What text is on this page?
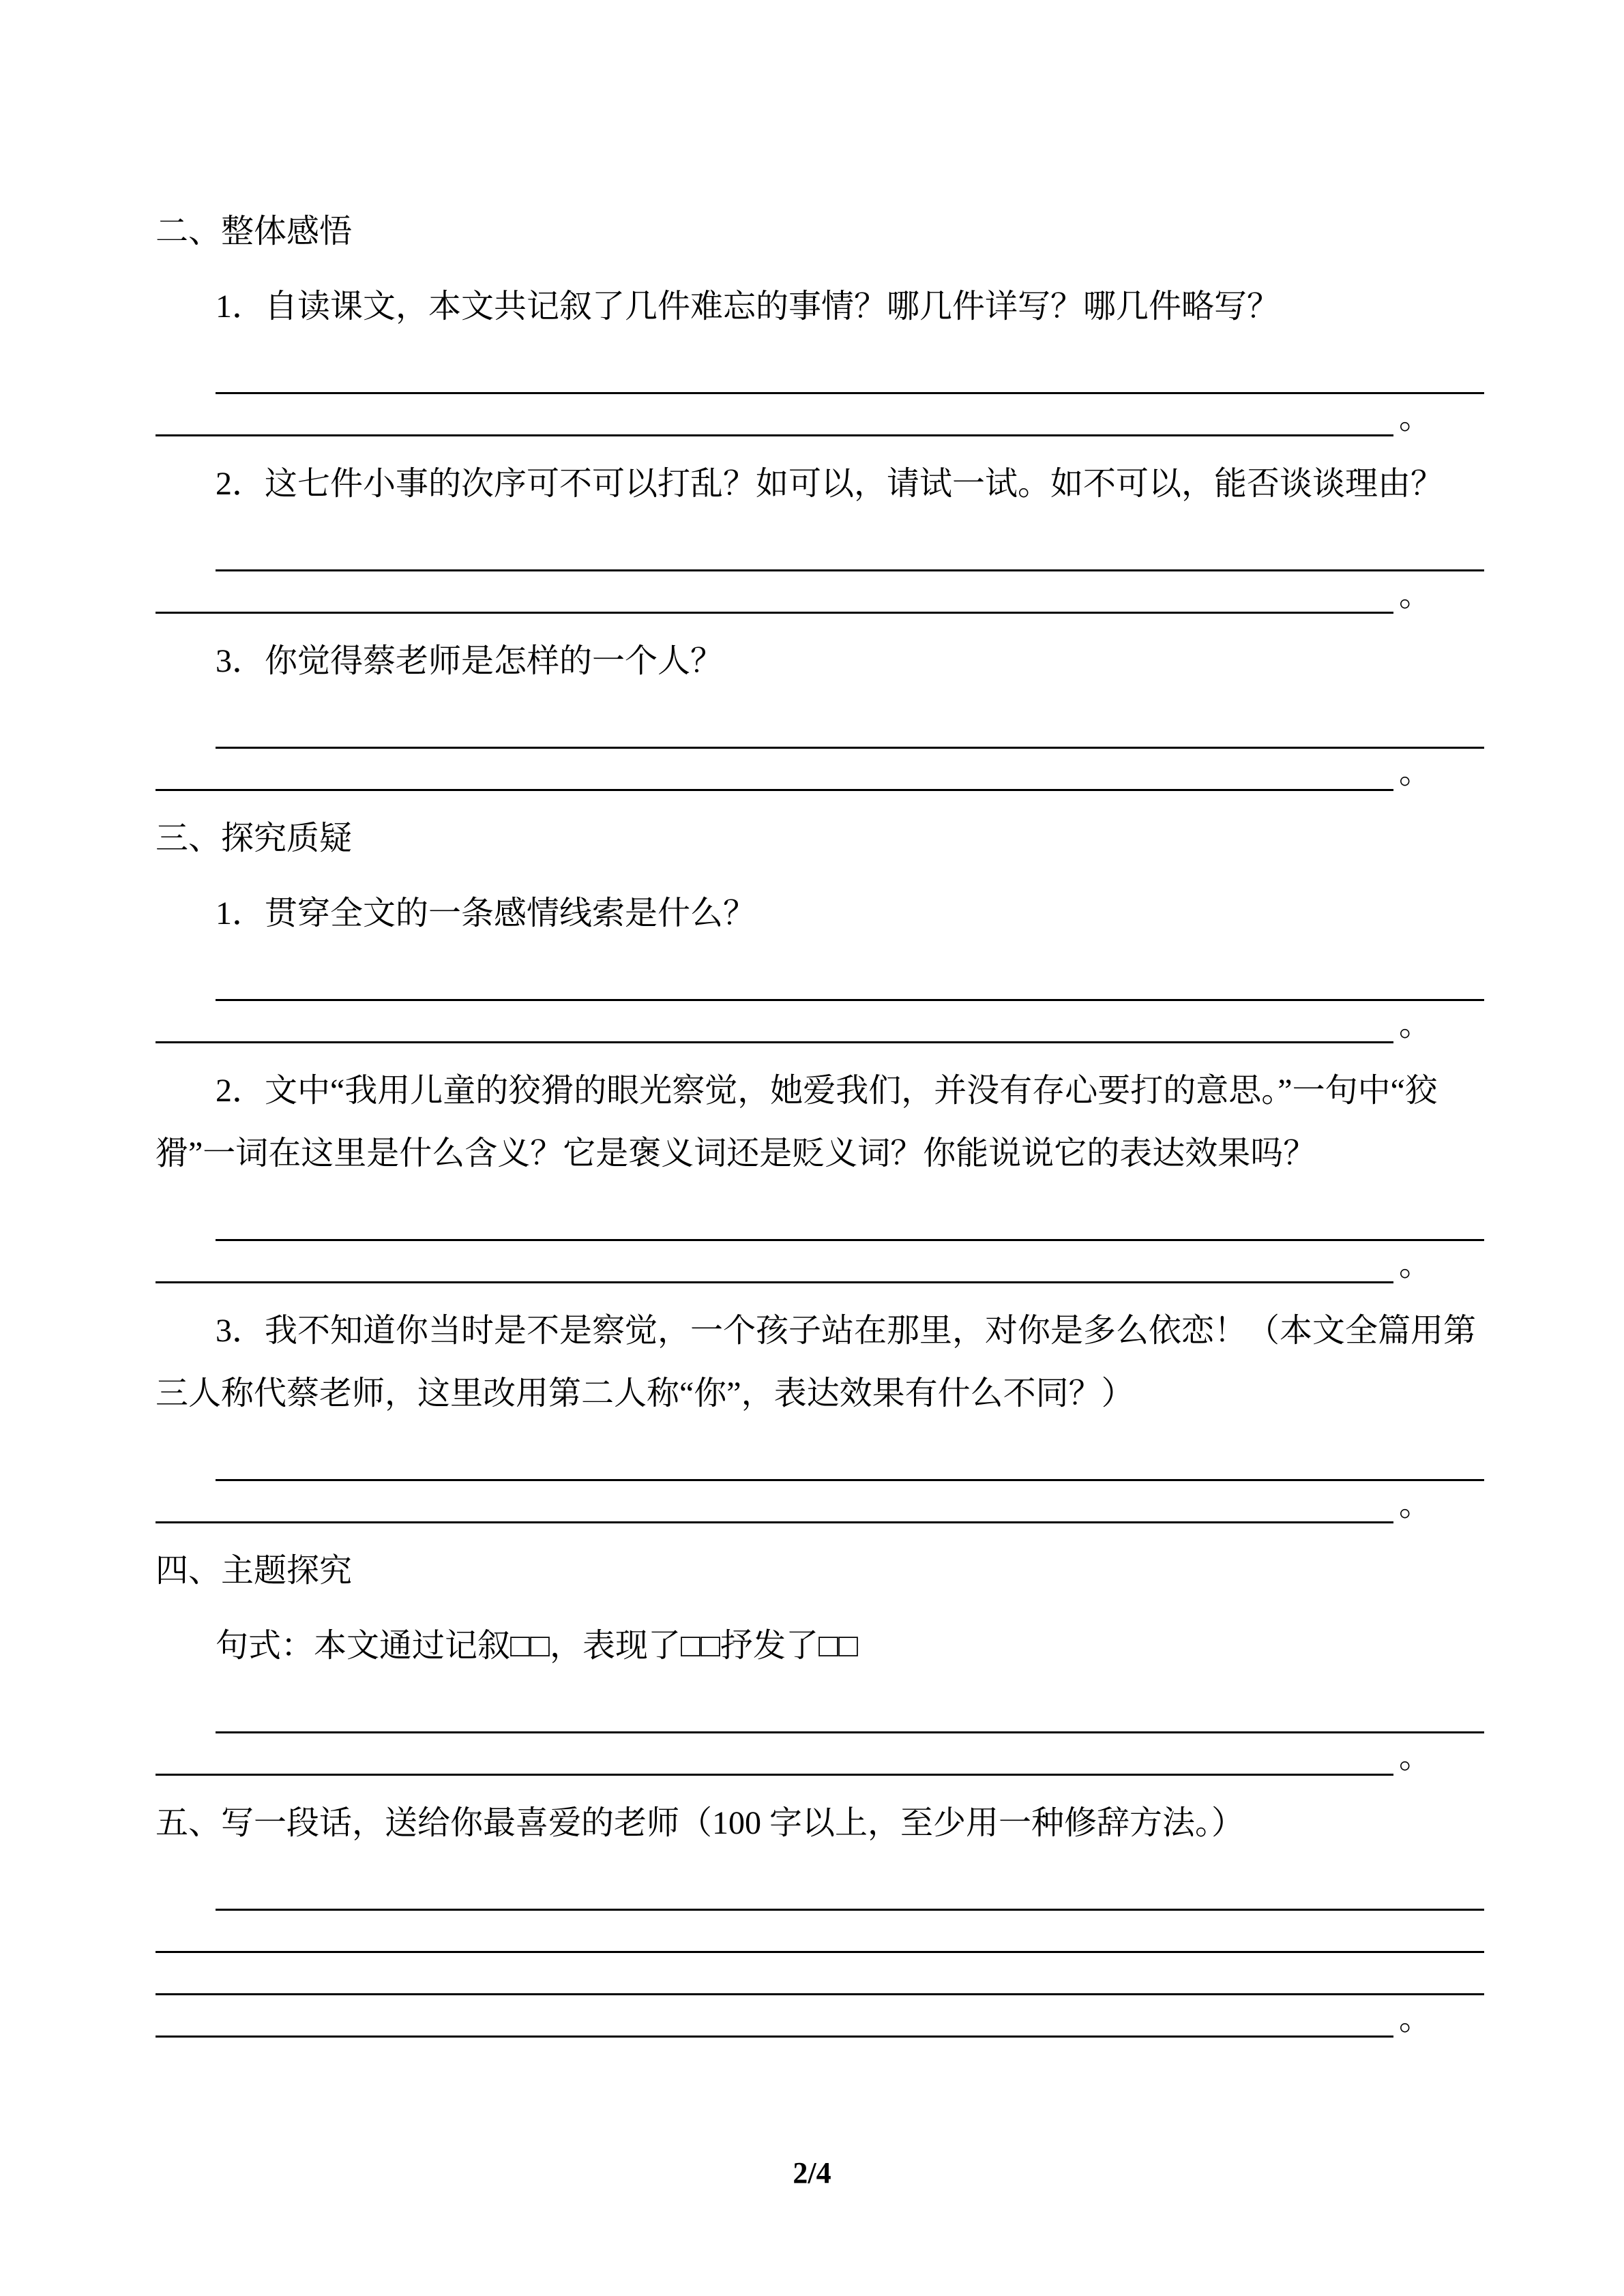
二、整体感悟

1．自读课文，本文共记叙了几件难忘的事情？哪几件详写？哪几件略写？

。

2．这七件小事的次序可不可以打乱？如可以，请试一试。如不可以，能否谈谈理由？

。

3．你觉得蔡老师是怎样的一个人？

。
三、探究质疑

1．贯穿全文的一条感情线索是什么？

。

2．文中“我用儿童的狡猾的眼光察觉，她爱我们，并没有存心要打的意思。”一句中“狡猾”一词在这里是什么含义？它是褒义词还是贬义词？你能说说它的表达效果吗？

。

3．我不知道你当时是不是察觉，一个孩子站在那里，对你是多么依恋！（本文全篇用第三人称代蔡老师，这里改用第二人称“你”，表达效果有什么不同？）

。
四、主题探究

句式：本文通过记叙□□，表现了□□抒发了□□

。
五、写一段话，送给你最喜爱的老师（100 字以上，至少用一种修辞方法。）
。
2/4
